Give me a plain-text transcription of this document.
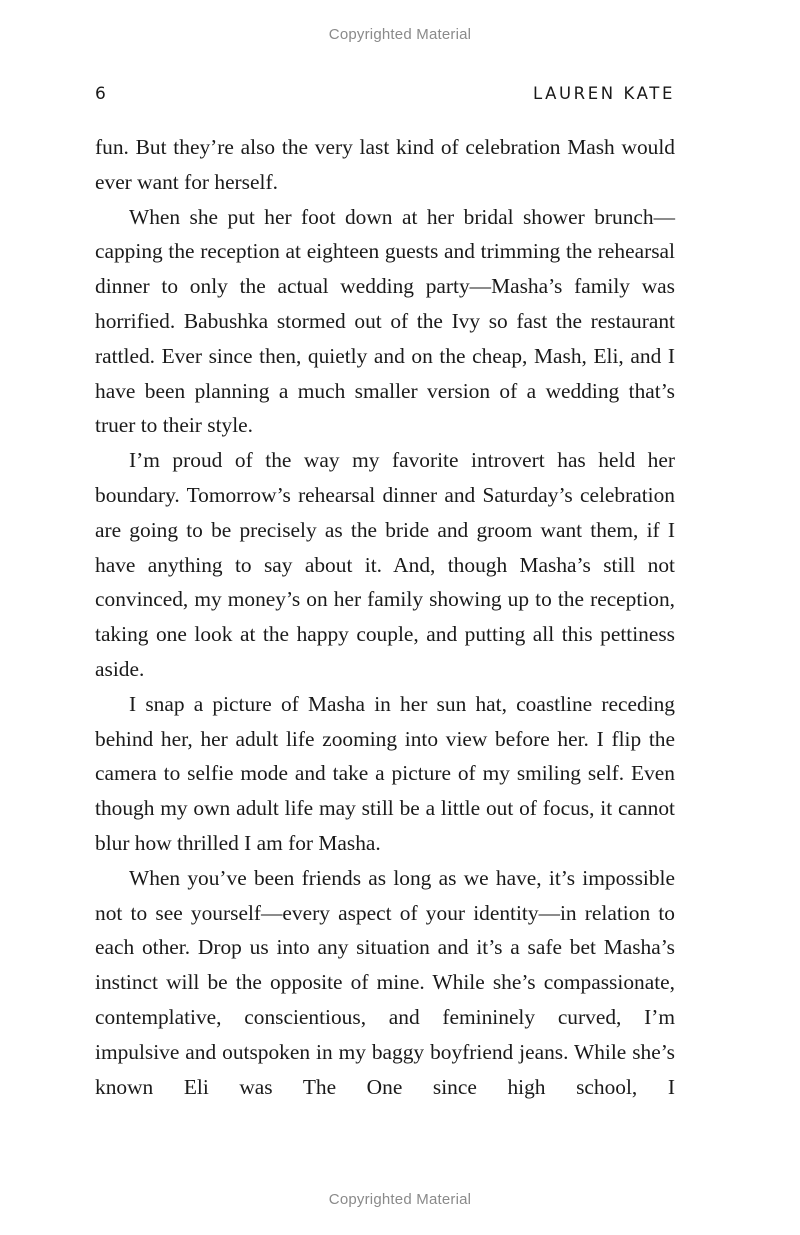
Copyrighted Material
6	LAUREN KATE

fun. But they’re also the very last kind of celebration Mash would ever want for herself.

When she put her foot down at her bridal shower brunch—capping the reception at eighteen guests and trimming the rehearsal dinner to only the actual wedding party—Masha’s family was horrified. Babushka stormed out of the Ivy so fast the restaurant rattled. Ever since then, quietly and on the cheap, Mash, Eli, and I have been planning a much smaller version of a wedding that’s truer to their style.

I’m proud of the way my favorite introvert has held her boundary. Tomorrow’s rehearsal dinner and Saturday’s celebration are going to be precisely as the bride and groom want them, if I have anything to say about it. And, though Masha’s still not convinced, my money’s on her family showing up to the reception, taking one look at the happy couple, and putting all this pettiness aside.

I snap a picture of Masha in her sun hat, coastline receding behind her, her adult life zooming into view before her. I flip the camera to selfie mode and take a picture of my smiling self. Even though my own adult life may still be a little out of focus, it cannot blur how thrilled I am for Masha.

When you’ve been friends as long as we have, it’s impossible not to see yourself—every aspect of your identity—in relation to each other. Drop us into any situation and it’s a safe bet Masha’s instinct will be the opposite of mine. While she’s compassionate, contemplative, conscientious, and femininely curved, I’m impulsive and outspoken in my baggy boyfriend jeans. While she’s known Eli was The One since high school, I

Copyrighted Material
